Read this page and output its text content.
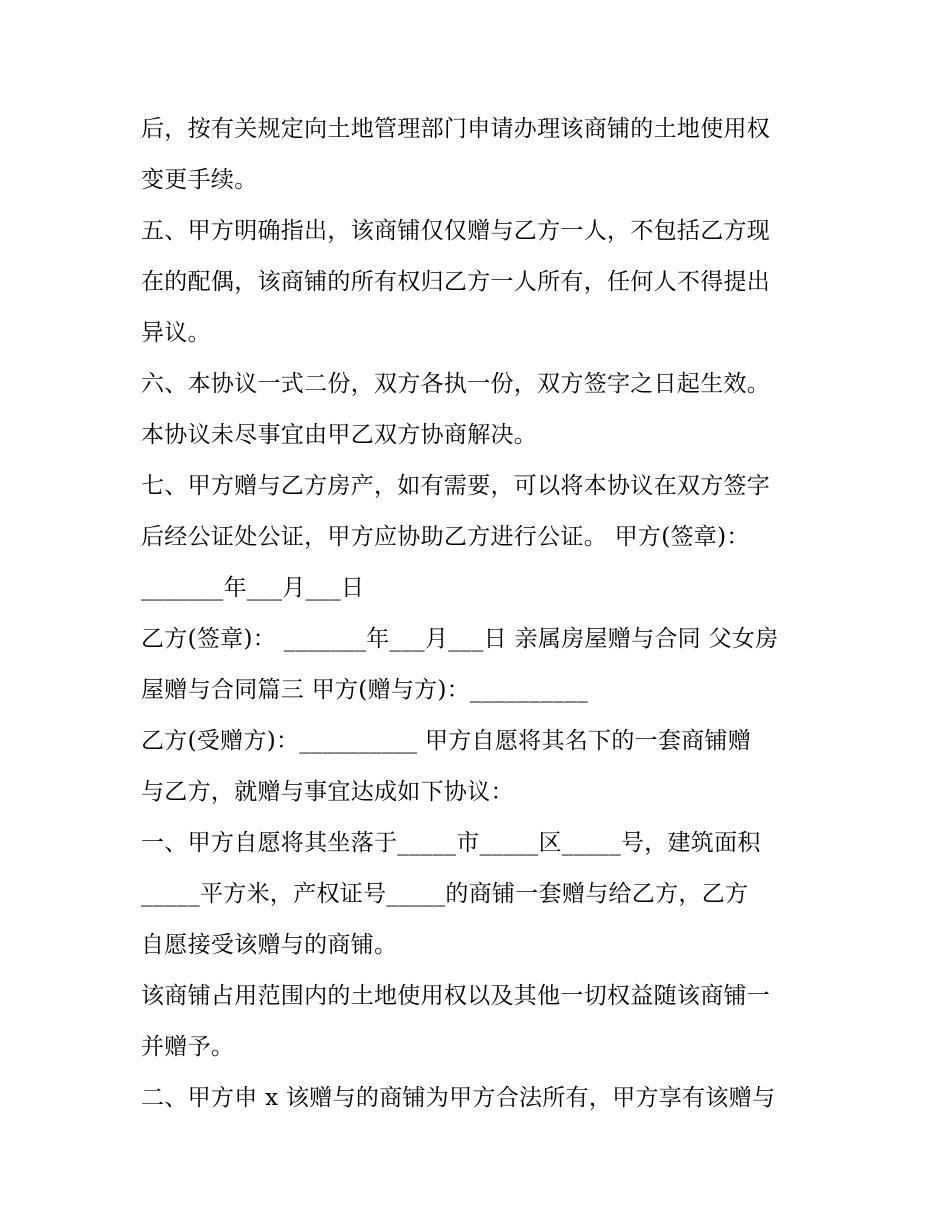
后，按有关规定向土地管理部门申请办理该商铺的土地使用权
变更手续。
五、甲方明确指出，该商铺仅仅赠与乙方一人，不包括乙方现
在的配偶，该商铺的所有权归乙方一人所有，任何人不得提出
异议。
六、本协议一式二份，双方各执一份，双方签字之日起生效。
本协议未尽事宜由甲乙双方协商解决。
七、甲方赠与乙方房产，如有需要，可以将本协议在双方签字
后经公证处公证，甲方应协助乙方进行公证。 甲方(签章)：
_______年___月___日
乙方(签章)： _______年___月___日 亲属房屋赠与合同 父女房
屋赠与合同篇三 甲方(赠与方)：__________
乙方(受赠方)：__________ 甲方自愿将其名下的一套商铺赠
与乙方，就赠与事宜达成如下协议：
一、甲方自愿将其坐落于_____市_____区_____号，建筑面积
_____平方米，产权证号_____的商铺一套赠与给乙方，乙方
自愿接受该赠与的商铺。
该商铺占用范围内的土地使用权以及其他一切权益随该商铺一
并赠予。
二、甲方申 x 该赠与的商铺为甲方合法所有，甲方享有该赠与
